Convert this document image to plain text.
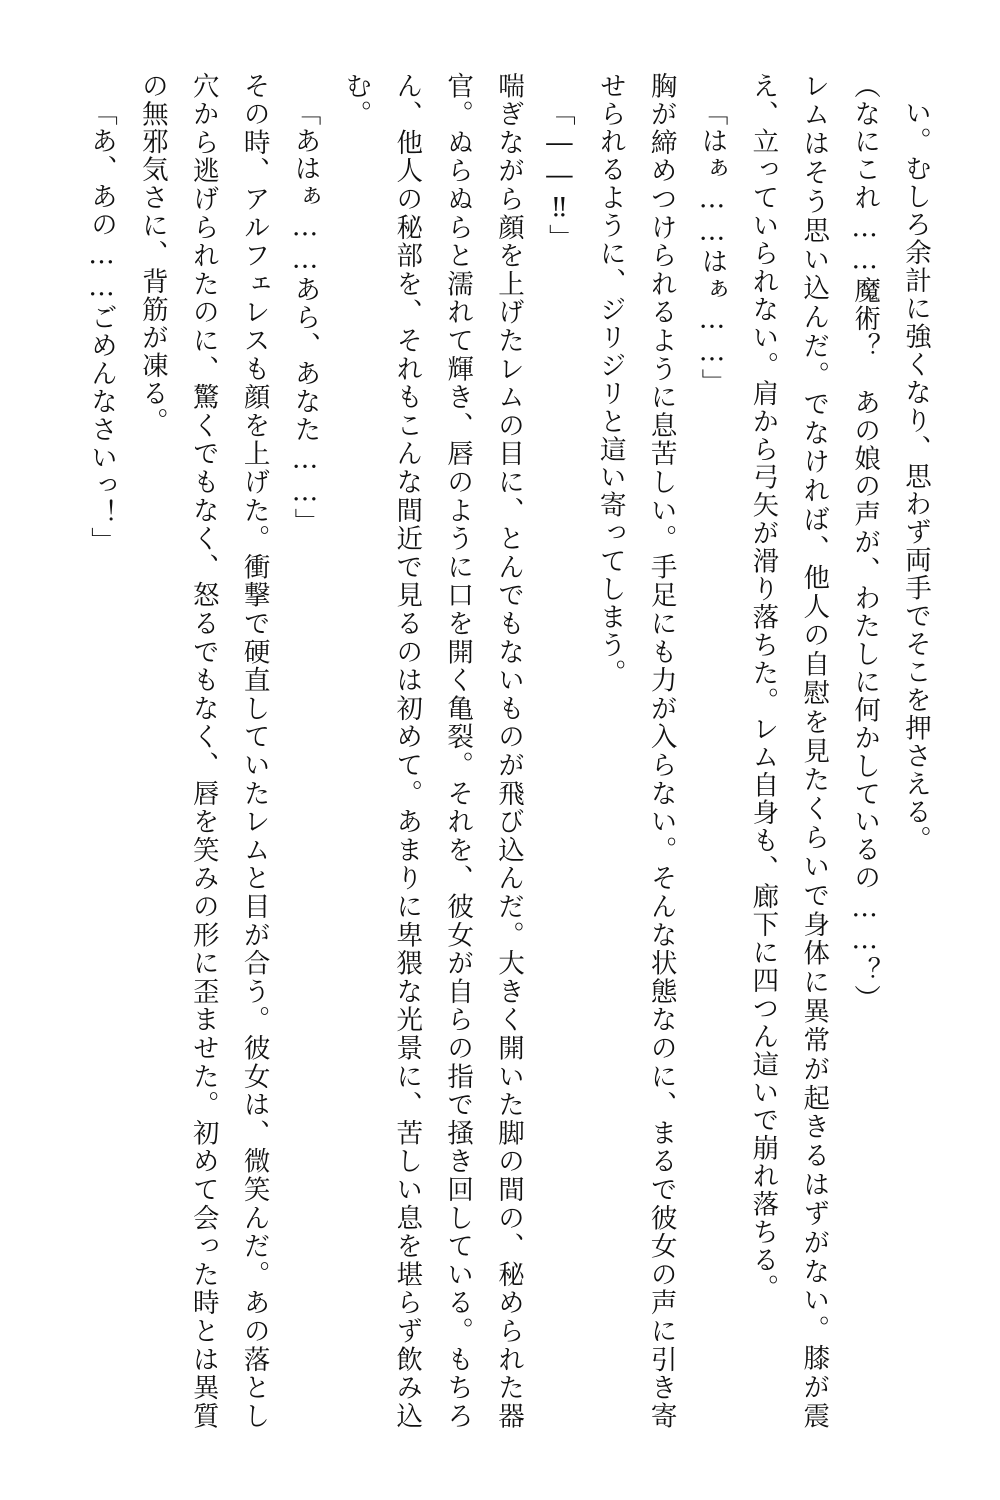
い。むしろ余計に強くなり、思わず両手でそこを押さえる。

（なにこれ……魔術？　あの娘の声が、わたしに何かしているの……？）

レムはそう思い込んだ。でなければ、他人の自慰を見たくらいで身体に異常が起きるはずがない。膝が震え、立っていられない。肩から弓矢が滑り落ちた。レム自身も、廊下に四つん這いで崩れ落ちる。

「はぁ……はぁ……」

胸が締めつけられるように息苦しい。手足にも力が入らない。そんな状態なのに、まるで彼女の声に引き寄せられるように、ジリジリと這い寄ってしまう。

「――‼」

喘ぎながら顔を上げたレムの目に、とんでもないものが飛び込んだ。大きく開いた脚の間の、秘められた器官。ぬらぬらと濡れて輝き、唇のように口を開く亀裂。それを、彼女が自らの指で掻き回している。もちろん、他人の秘部を、それもこんな間近で見るのは初めて。あまりに卑猥な光景に、苦しい息を堪らず飲み込む。

「あはぁ……あら、あなた……」

その時、アルフェレスも顔を上げた。衝撃で硬直していたレムと目が合う。彼女は、微笑んだ。あの落とし穴から逃げられたのに、驚くでもなく、怒るでもなく、唇を笑みの形に歪ませた。初めて会った時とは異質の無邪気さに、背筋が凍る。

「あ、あの……ごめんなさいっ！」
